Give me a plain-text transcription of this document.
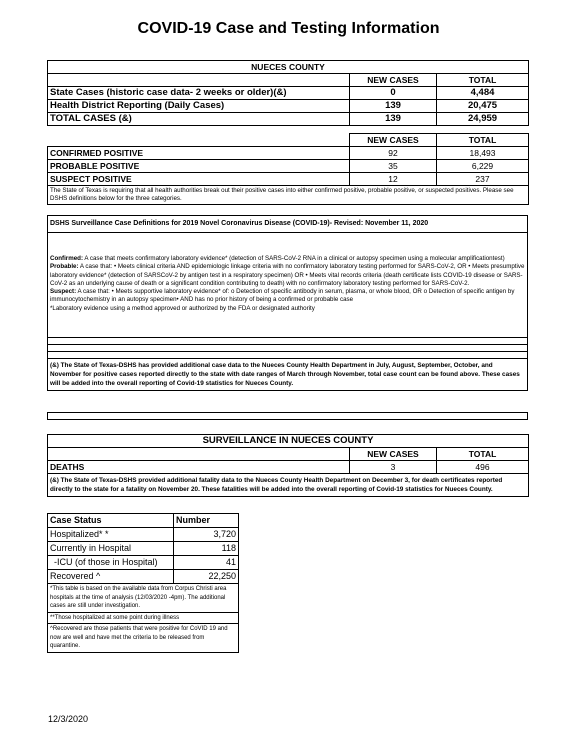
COVID-19 Case and Testing Information
NUECES COUNTY		
	NEW CASES	TOTAL
State Cases (historic case data- 2 weeks or older)(&)	0	4,484
Health District Reporting (Daily Cases)	139	20,475
TOTAL CASES (&)	139	24,959
	NEW CASES	TOTAL
CONFIRMED POSITIVE	92	18,493
PROBABLE POSITIVE	35	6,229
SUSPECT POSITIVE	12	237
The State of Texas is requiring that all health authorities break out their positive cases into either confirmed positive, probable positive, or suspected positives. Please see DSHS definitions below for the three categories.		
DSHS Surveillance Case Definitions for 2019 Novel Coronavirus Disease (COVID-19)- Revised: November 11, 2020

Confirmed: A case that meets confirmatory laboratory evidence* (detection of SARS-CoV-2 RNA in a clinical or autopsy specimen using a molecular amplificationtest)
Probable: A case that: • Meets clinical criteria AND epidemiologic linkage criteria with no confirmatory laboratory testing performed for SARS-CoV-2, OR • Meets presumptive laboratory evidence* (detection of SARSCoV-2 by antigen test in a respiratory specimen) OR • Meets vital records criteria (death certificate lists COVID-19 disease or SARS-CoV-2 as an underlying cause of death or a significant condition contributing to death) with no confirmatory laboratory testing performed for SARS-CoV-2.
Suspect: A case that: • Meets supportive laboratory evidence* of: o Detection of specific antibody in serum, plasma, or whole blood, OR o Detection of specific antigen by immunocytochemistry in an autopsy specimen• AND has no prior history of being a confirmed or probable case
*Laboratory evidence using a method approved or authorized by the FDA or designated authority

(&) The State of Texas-DSHS has provided additional case data to the Nueces County Health Department in July, August, September, October, and November for positive cases reported directly to the state with date ranges of March through November, total case count can be found above. These cases will be added into the overall reporting of Covid-19 statistics for Nueces County.
SURVEILLANCE IN NUECES COUNTY		
	NEW CASES	TOTAL
DEATHS	3	496
(&) The State of Texas-DSHS provided additional fatality data to the Nueces County Health Department on December 3, for death certificates reported directly to the state for a fatality on November 20. These fatalities will be added into the overall reporting of Covid-19 statistics for Nueces County.		
Case Status	Number
Hospitalized* *	3,720
Currently in Hospital	118
-ICU (of those in Hospital)	41
Recovered ^	22,250
*This table is based on the available data from Corpus Christi area hospitals at the time of analysis (12/03/2020 -4pm). The additional cases are still under investigation.	
**Those hospitalized at some point during illness	
^Recovered are those patients that were positive for CoVID 19 and now are well and have met the criteria to be released from quarantine.	
12/3/2020
